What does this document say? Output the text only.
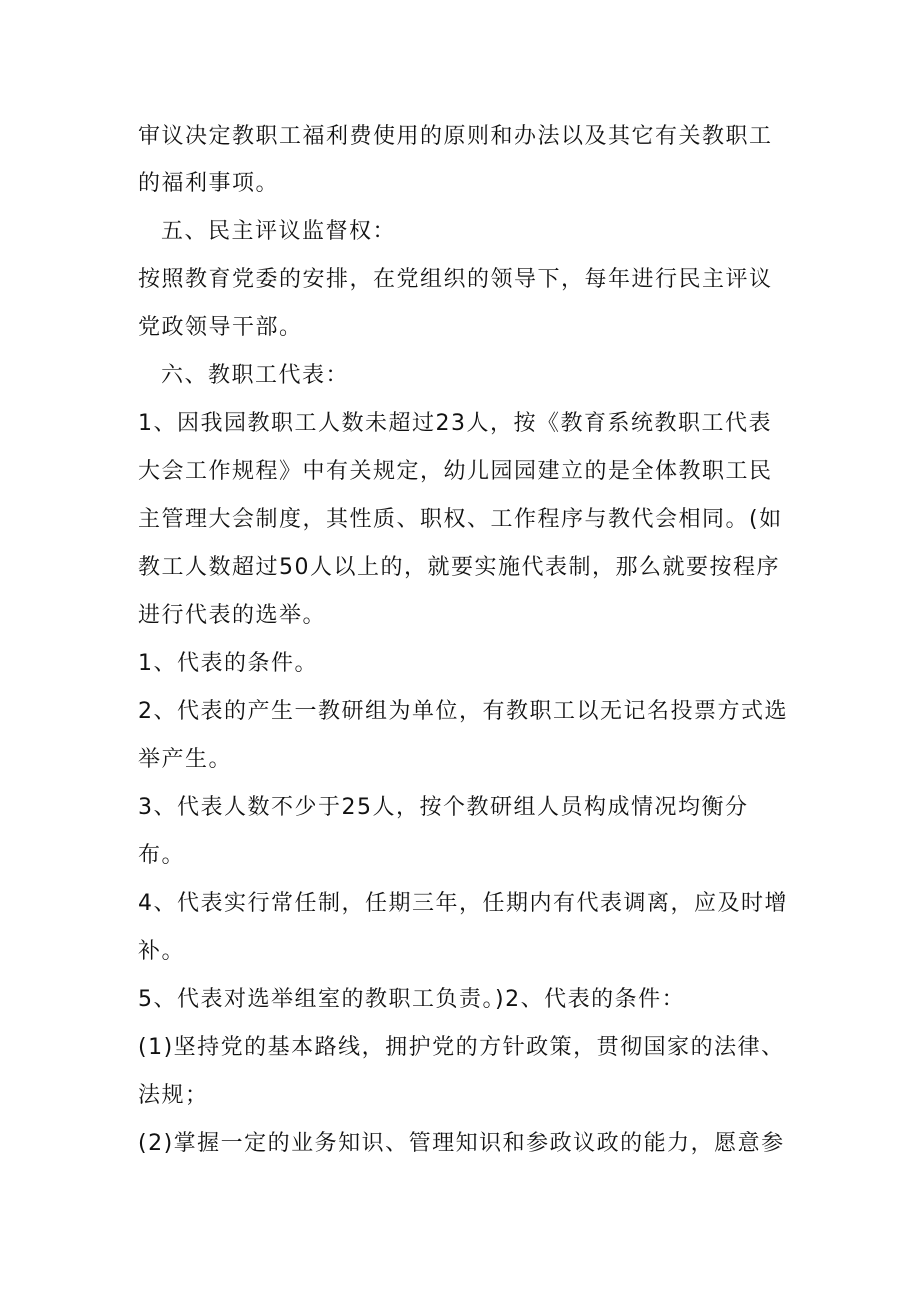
审议决定教职工福利费使用的原则和办法以及其它有关教职工
的福利事项。
五、民主评议监督权：
按照教育党委的安排，在党组织的领导下，每年进行民主评议
党政领导干部。
六、教职工代表：
1、因我园教职工人数未超过23人，按《教育系统教职工代表
大会工作规程》中有关规定，幼儿园园建立的是全体教职工民
主管理大会制度，其性质、职权、工作程序与教代会相同。(如
教工人数超过50人以上的，就要实施代表制，那么就要按程序
进行代表的选举。
1、代表的条件。
2、代表的产生一教研组为单位，有教职工以无记名投票方式选
举产生。
3、代表人数不少于25人，按个教研组人员构成情况均衡分
布。
4、代表实行常任制，任期三年，任期内有代表调离，应及时增
补。
5、代表对选举组室的教职工负责。)2、代表的条件：
(1)坚持党的基本路线，拥护党的方针政策，贯彻国家的法律、
法规；
(2)掌握一定的业务知识、管理知识和参政议政的能力，愿意参
